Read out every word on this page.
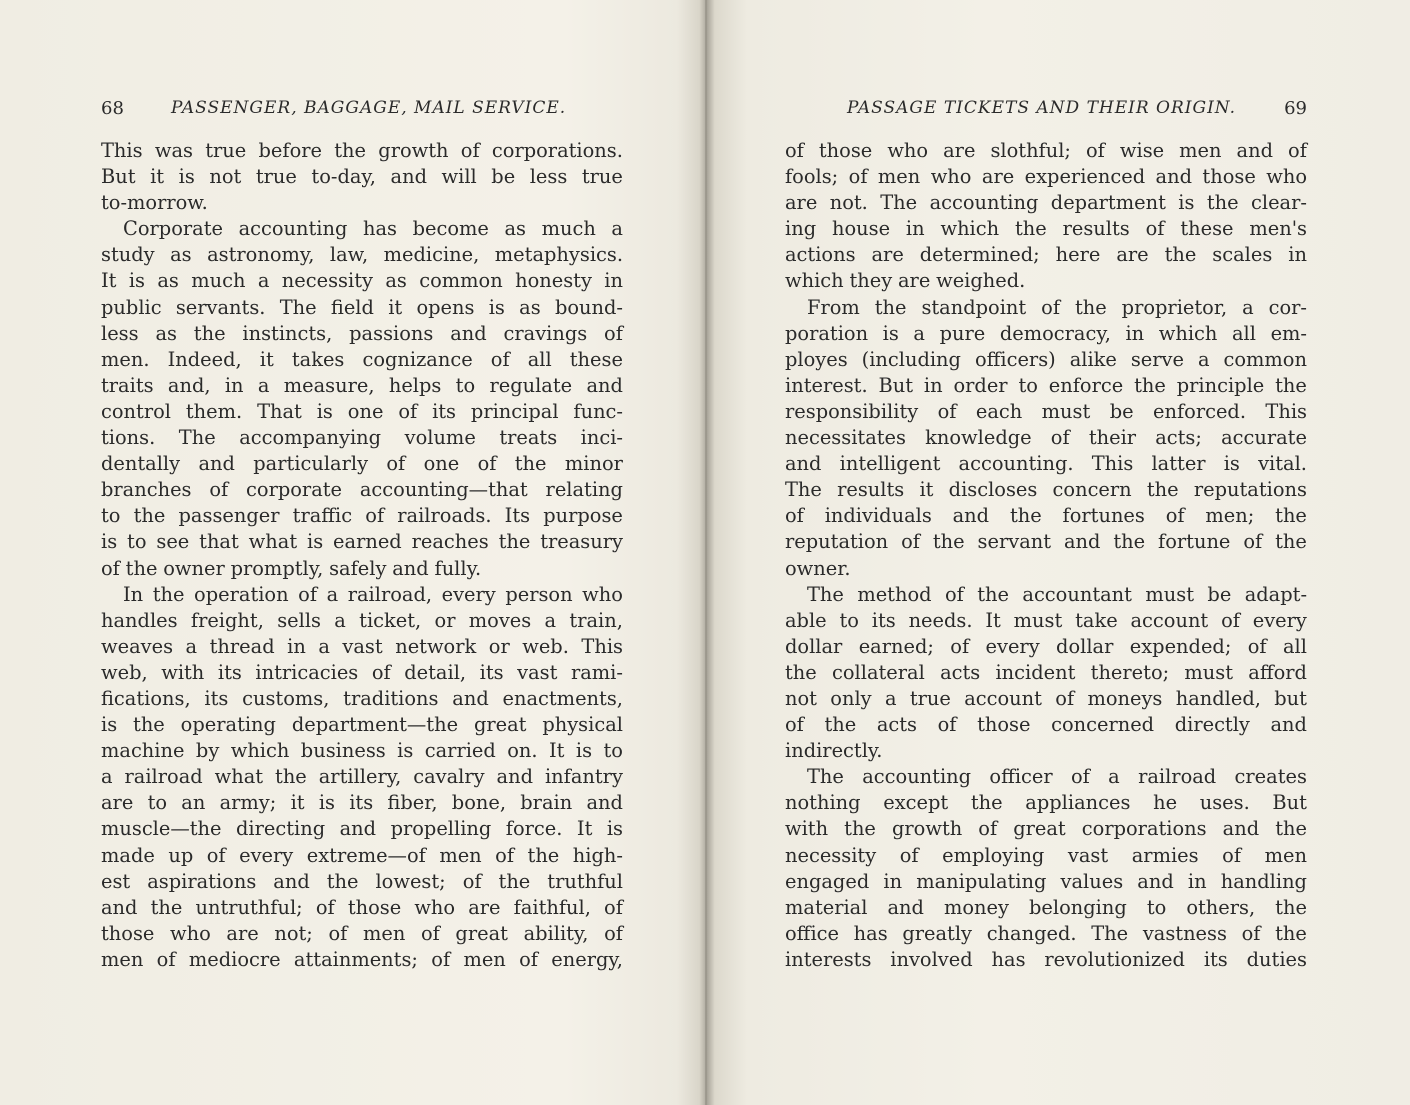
68	PASSENGER, BAGGAGE, MAIL SERVICE.
This was true before the growth of corporations.
But it is not true to-day, and will be less true
to-morrow.
Corporate accounting has become as much a
study as astronomy, law, medicine, metaphysics.
It is as much a necessity as common honesty in
public servants. The field it opens is as bound-
less as the instincts, passions and cravings of
men. Indeed, it takes cognizance of all these
traits and, in a measure, helps to regulate and
control them. That is one of its principal func-
tions. The accompanying volume treats inci-
dentally and particularly of one of the minor
branches of corporate accounting—that relating
to the passenger traffic of railroads. Its purpose
is to see that what is earned reaches the treasury
of the owner promptly, safely and fully.
In the operation of a railroad, every person who
handles freight, sells a ticket, or moves a train,
weaves a thread in a vast network or web. This
web, with its intricacies of detail, its vast rami-
fications, its customs, traditions and enactments,
is the operating department—the great physical
machine by which business is carried on. It is to
a railroad what the artillery, cavalry and infantry
are to an army; it is its fiber, bone, brain and
muscle—the directing and propelling force. It is
made up of every extreme—of men of the high-
est aspirations and the lowest; of the truthful
and the untruthful; of those who are faithful, of
those who are not; of men of great ability, of
men of mediocre attainments; of men of energy,
PASSAGE TICKETS AND THEIR ORIGIN.	69
of those who are slothful; of wise men and of
fools; of men who are experienced and those who
are not. The accounting department is the clear-
ing house in which the results of these men's
actions are determined; here are the scales in
which they are weighed.
From the standpoint of the proprietor, a cor-
poration is a pure democracy, in which all em-
ployes (including officers) alike serve a common
interest. But in order to enforce the principle the
responsibility of each must be enforced. This
necessitates knowledge of their acts; accurate
and intelligent accounting. This latter is vital.
The results it discloses concern the reputations
of individuals and the fortunes of men; the
reputation of the servant and the fortune of the
owner.
The method of the accountant must be adapt-
able to its needs. It must take account of every
dollar earned; of every dollar expended; of all
the collateral acts incident thereto; must afford
not only a true account of moneys handled, but
of the acts of those concerned directly and
indirectly.
The accounting officer of a railroad creates
nothing except the appliances he uses. But
with the growth of great corporations and the
necessity of employing vast armies of men
engaged in manipulating values and in handling
material and money belonging to others, the
office has greatly changed. The vastness of the
interests involved has revolutionized its duties
